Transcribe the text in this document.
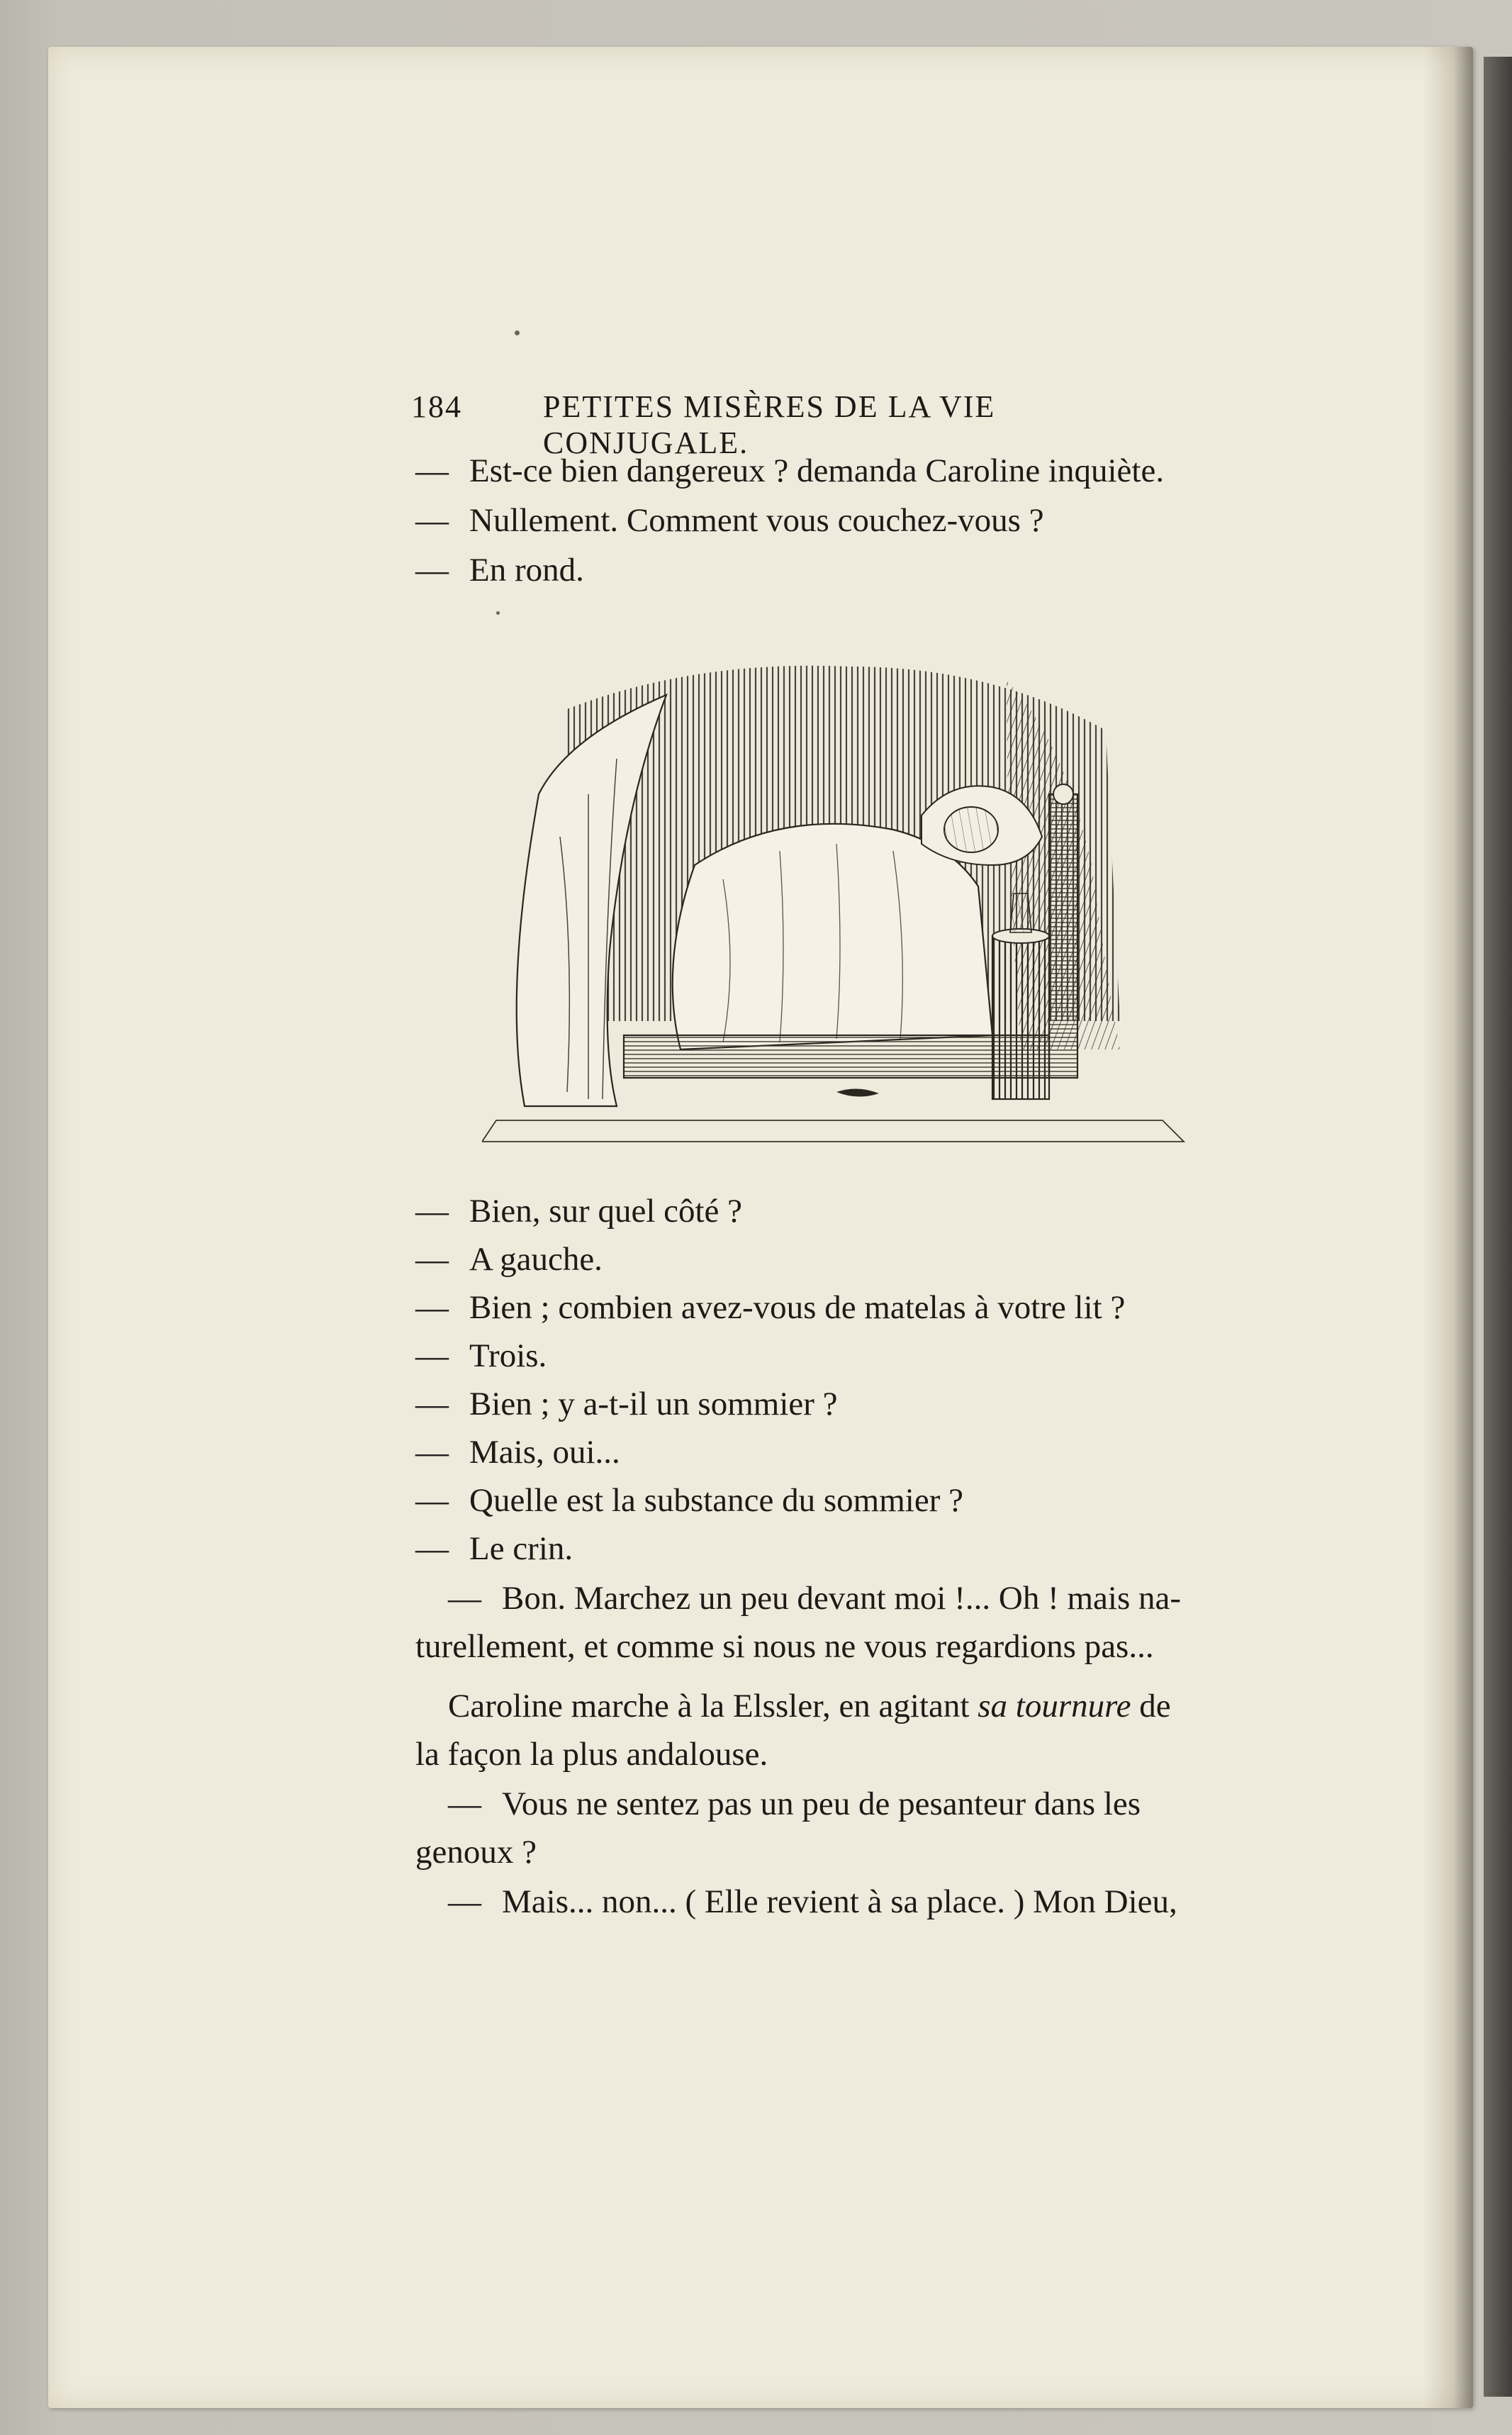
184	PETITES MISÈRES DE LA VIE CONJUGALE.
— Est-ce bien dangereux ? demanda Caroline inquiète.
— Nullement. Comment vous couchez-vous ?
— En rond.
— Bien, sur quel côté ?
— A gauche.
— Bien ; combien avez-vous de matelas à votre lit ?
— Trois.
— Bien ; y a-t-il un sommier ?
— Mais, oui...
— Quelle est la substance du sommier ?
— Le crin.
— Bon. Marchez un peu devant moi !... Oh ! mais na-
turellement, et comme si nous ne vous regardions pas...
Caroline marche à la Elssler, en agitant sa tournure de
la façon la plus andalouse.
— Vous ne sentez pas un peu de pesanteur dans les
genoux ?
— Mais... non... ( Elle revient à sa place. ) Mon Dieu,
